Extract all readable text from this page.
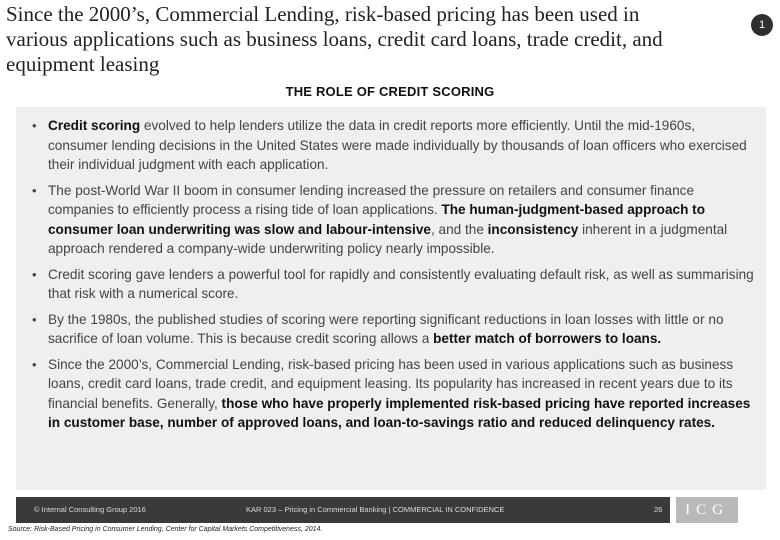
Since the 2000’s, Commercial Lending, risk-based pricing has been used in various applications such as business loans, credit card loans, trade credit, and equipment leasing
1
THE ROLE OF CREDIT SCORING
• Credit scoring evolved to help lenders utilize the data in credit reports more efficiently. Until the mid-1960s, consumer lending decisions in the United States were made individually by thousands of loan officers who exercised their individual judgment with each application.
• The post-World War II boom in consumer lending increased the pressure on retailers and consumer finance companies to efficiently process a rising tide of loan applications. The human-judgment-based approach to consumer loan underwriting was slow and labour-intensive, and the inconsistency inherent in a judgmental approach rendered a company-wide underwriting policy nearly impossible.
• Credit scoring gave lenders a powerful tool for rapidly and consistently evaluating default risk, as well as summarising that risk with a numerical score.
• By the 1980s, the published studies of scoring were reporting significant reductions in loan losses with little or no sacrifice of loan volume. This is because credit scoring allows a better match of borrowers to loans.
• Since the 2000’s, Commercial Lending, risk-based pricing has been used in various applications such as business loans, credit card loans, trade credit, and equipment leasing. Its popularity has increased in recent years due to its financial benefits. Generally, those who have properly implemented risk-based pricing have reported increases in customer base, number of approved loans, and loan-to-savings ratio and reduced delinquency rates.
© Internal Consulting Group 2016	KAR 023 – Pricing in Commercial Banking | COMMERCIAL IN CONFIDENCE	26	ICG
Source: Risk-Based Pricing in Consumer Lending, Center for Capital Markets Competitiveness, 2014.
